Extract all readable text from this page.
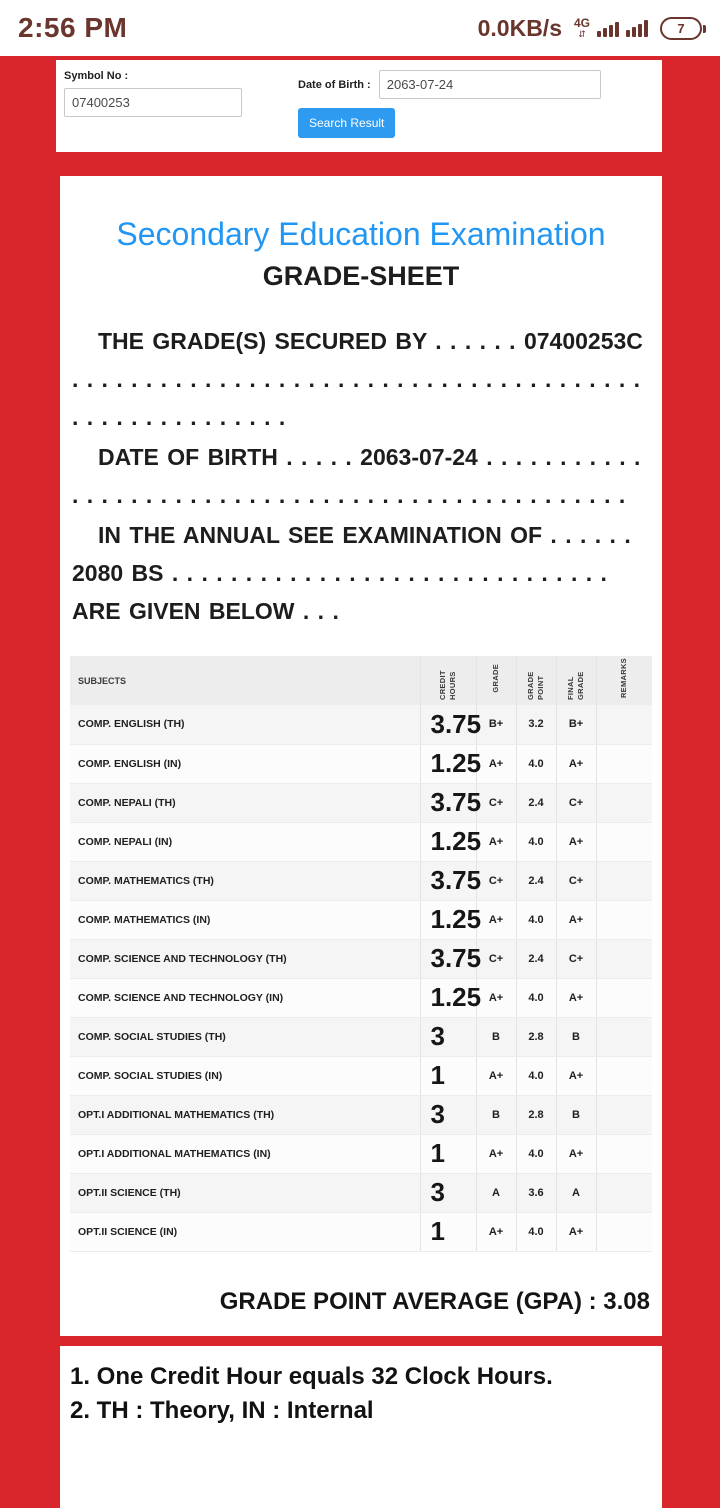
2:56 PM	0.0KB/s 4G
⇵	7
Symbol No :
07400253
Date of Birth :
2063-07-24
Search Result
Secondary Education Examination
GRADE-SHEET

THE GRADE(S) SECURED BY . . . . . . 07400253C . . . . . . . . . . . . . . . . . . . . . . . . . . . . . . . . . . . . . . . . . . . . . . . . . . . . . .

DATE OF BIRTH . . . . . 2063-07-24 . . . . . . . . . . . . . . . . . . . . . . . . . . . . . . . . . . . . . . . . . . . . . . . . .

IN THE ANNUAL SEE EXAMINATION OF . . . . . . 2080 BS . . . . . . . . . . . . . . . . . . . . . . . . . . . . . . ARE GIVEN BELOW . . .

SUBJECTS	CREDIT HOURS	GRADE	GRADE POINT	FINAL GRADE	REMARKS
COMP. ENGLISH (TH)	3.75	B+	3.2	B+	
COMP. ENGLISH (IN)	1.25	A+	4.0	A+	
COMP. NEPALI (TH)	3.75	C+	2.4	C+	
COMP. NEPALI (IN)	1.25	A+	4.0	A+	
COMP. MATHEMATICS (TH)	3.75	C+	2.4	C+	
COMP. MATHEMATICS (IN)	1.25	A+	4.0	A+	
COMP. SCIENCE AND TECHNOLOGY (TH)	3.75	C+	2.4	C+	
COMP. SCIENCE AND TECHNOLOGY (IN)	1.25	A+	4.0	A+	
COMP. SOCIAL STUDIES (TH)	3	B	2.8	B	
COMP. SOCIAL STUDIES (IN)	1	A+	4.0	A+	
OPT.I ADDITIONAL MATHEMATICS (TH)	3	B	2.8	B	
OPT.I ADDITIONAL MATHEMATICS (IN)	1	A+	4.0	A+	
OPT.II SCIENCE (TH)	3	A	3.6	A	
OPT.II SCIENCE (IN)	1	A+	4.0	A+	
GRADE POINT AVERAGE (GPA) : 3.08
1. One Credit Hour equals 32 Clock Hours.
2. TH : Theory, IN : Internal
